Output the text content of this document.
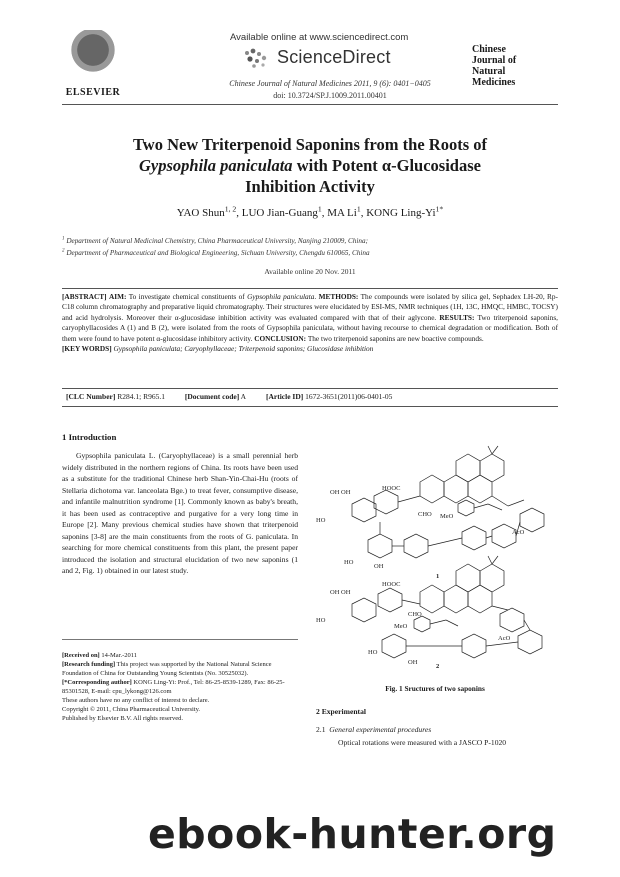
ELSEVIER
Available online at www.sciencedirect.com
ScienceDirect
Chinese Journal of Natural Medicines 2011, 9 (6): 0401−0405
doi: 10.3724/SP.J.1009.2011.00401
Chinese
Journal of
Natural
Medicines
Two New Triterpenoid Saponins from the Roots of
Gypsophila paniculata with Potent α-Glucosidase
Inhibition Activity
YAO Shun$^{1, 2}$, LUO Jian-Guang$^1$, MA Li$^1$, KONG Ling-$Yi^{1*}$
$^1$ Department of Natural Medicinal Chemistry, China Pharmaceutical University, Nanjing 210009, China;
$^2$ Department of Pharmaceutical and Biological Engineering, Sichuan University, Chengdu 610065, China
Available online 20 Nov. 2011
[ABSTRACT] AIM: To investigate chemical constituents of Gypsophila paniculata. METHODS: The compounds were isolated by silica gel, Sephadex LH-20, Rp-C18 column chromatography and preparative liquid chromatography. Their structures were elucidated by ESI-MS, NMR techniques (1H, 13C, HMQC, HMBC, TOCSY) and acid hydrolysis. Moreover their α-glucosidase inhibition activity was evaluated compared with that of their aglycone. RESULTS: Two triterpenoid saponins, caryophyllacosides A (1) and B (2), were isolated from the roots of Gypsophila paniculata, without having recourse to chemical degradation or modification. Both of them were found to have potent α-glucosidase inhibitory activity. CONCLUSION: The two triterpenoid saponins are new boactive compounds.
[KEY WORDS] Gypsophila paniculata; Caryophyllaceae; Triterpenoid saponins; Glucosidase inhibition
[CLC Number] R284.1; R965.1	[Document code] A	[Article ID] 1672-3651(2011)06-0401-05
1 Introduction
Gypsophila paniculata L. (Caryophyllaceae) is a small perennial herb widely distributed in the northern regions of China. Its roots have been used as a substitute for the traditional Chinese herb Shan-Yin-Chai-Hu (roots of Stellaria dichotoma var. lanceolata Bge.) to treat fever, consumptive disease, and infantile malnutrition syndrome [1]. Commonly known as baby's breath, it has been used as contraceptive and purgative for a very long time in Europe [2]. Many previous chemical studies have shown that triterpenoid saponins [3-8] are the main constituents from the roots of G. paniculata. In searching for more chemical constituents from this plant, the present paper introduced the isolation and structural elucidation of two new saponins (1 and 2, Fig. 1) obtained in our latest study.
[Received on] 14-Mar.-2011
[Research funding] This project was supported by the National Natural Science Foundation of China for Outstanding Young Scientists (No. 30525032).
[*Corresponding author] KONG Ling-Yi: Prof., Tel: 86-25-8539-1289, Fax: 86-25-85301528, E-mail: cpu_lykong@126.com
These authors have no any conflict of interest to declare.
Copyright © 2011, China Pharmaceutical University.
Published by Elsevier B.V. All rights reserved.
HOOC
OH OH
CHO MeO
AcO
HO
HO
OH
1
HOOC
OH OH
CHO
MeO
AcO
HO
HO
OH
2
Fig. 1 Sructures of two saponins
2 Experimental
2.1 General experimental procedures
Optical rotations were measured with a JASCO P-1020
ebook-hunter.org
